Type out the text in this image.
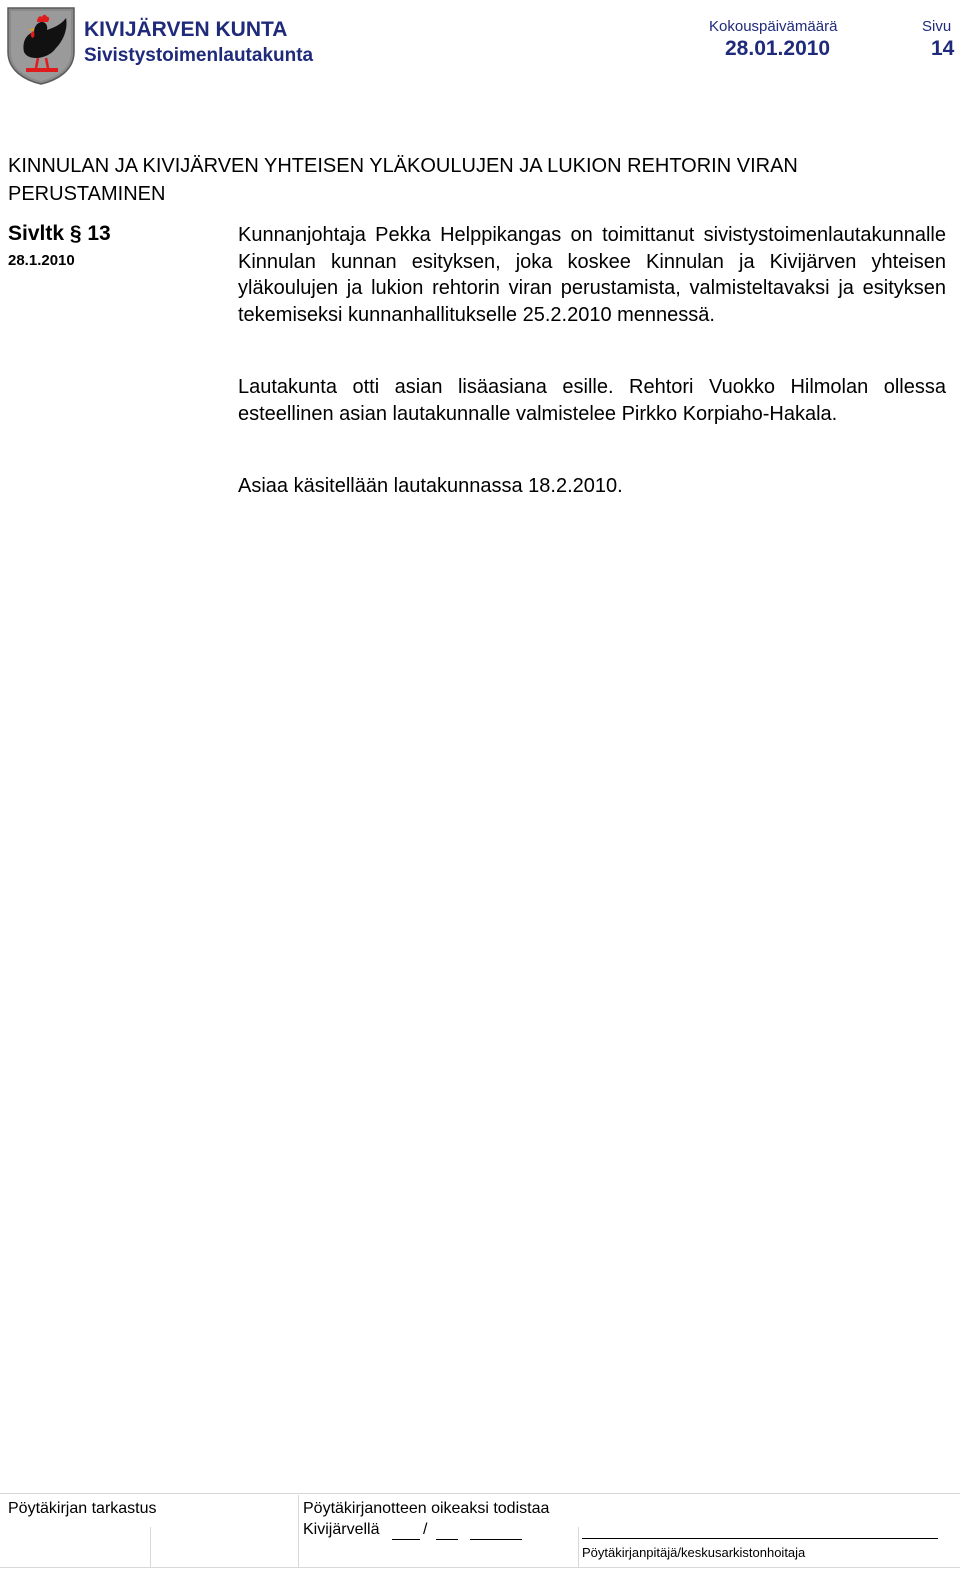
KIVIJÄRVEN KUNTA
Sivistystoimenlautakunta
Kokouspäivämäärä
28.01.2010
Sivu
14
KINNULAN JA KIVIJÄRVEN YHTEISEN YLÄKOULUJEN JA LUKION REHTORIN VIRAN PERUSTAMINEN
Sivltk § 13
28.1.2010
Kunnanjohtaja Pekka Helppikangas on toimittanut sivistystoimenlautakunnalle Kinnulan kunnan esityksen, joka koskee Kinnulan ja Kivijärven yhteisen yläkoulujen ja lukion rehtorin viran perustamista, valmisteltavaksi ja esityksen tekemiseksi kunnanhallitukselle 25.2.2010 mennessä.
Lautakunta otti asian lisäasiana esille. Rehtori Vuokko Hilmolan ollessa esteellinen asian lautakunnalle valmistelee Pirkko Korpiaho-Hakala.
Asiaa käsitellään lautakunnassa 18.2.2010.
Pöytäkirjan tarkastus	Pöytäkirjanotteen oikeaksi todistaa
Kivijärvellä	/
Pöytäkirjanpitäjä/keskusarkistonhoitaja
